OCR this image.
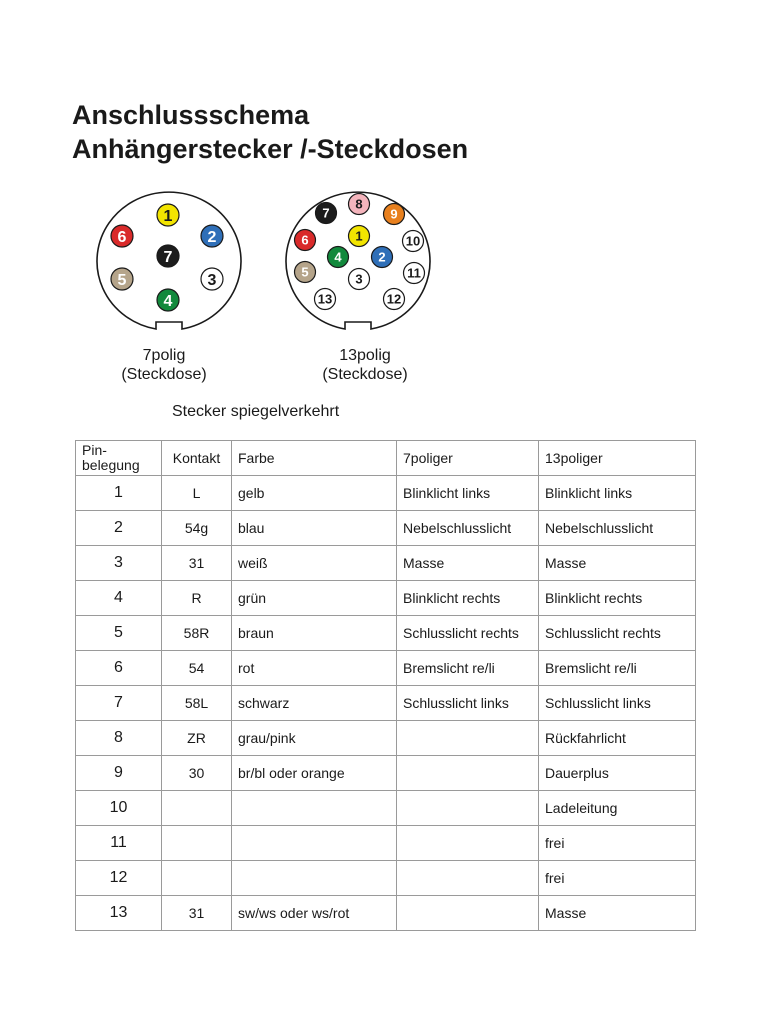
Anschlussschema
Anhängerstecker /-Steckdosen
1
2
3
4
5
6
7
1
2
3
4
5
6
7
8
9
10
11
12
13
7polig
(Steckdose)
13polig
(Steckdose)
Stecker spiegelverkehrt
Pin-
belegung	Kontakt	Farbe	7poliger	13poliger
1	L	gelb	Blinklicht links	Blinklicht links
2	54g	blau	Nebelschlusslicht	Nebelschlusslicht
3	31	weiß	Masse	Masse
4	R	grün	Blinklicht rechts	Blinklicht rechts
5	58R	braun	Schlusslicht rechts	Schlusslicht rechts
6	54	rot	Bremslicht re/li	Bremslicht re/li
7	58L	schwarz	Schlusslicht links	Schlusslicht links
8	ZR	grau/pink		Rückfahrlicht
9	30	br/bl oder orange		Dauerplus
10				Ladeleitung
11				frei
12				frei
13	31	sw/ws oder ws/rot		Masse
